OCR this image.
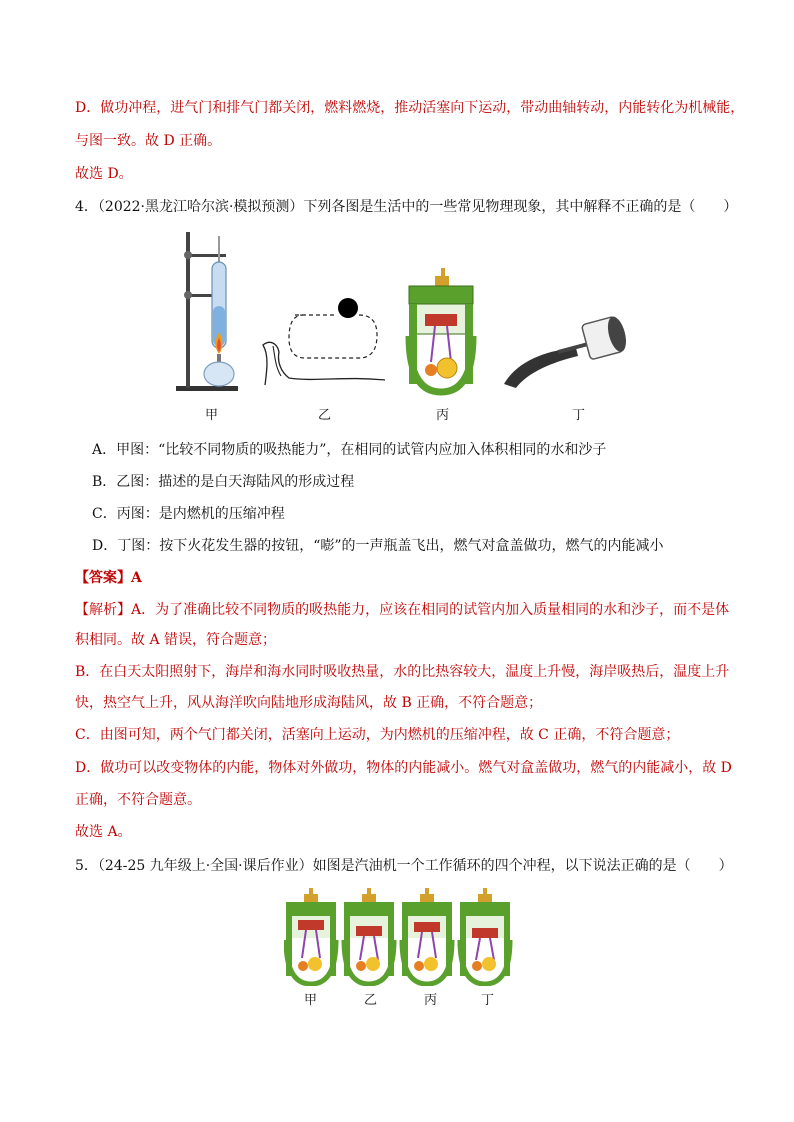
D．做功冲程，进气门和排气门都关闭，燃料燃烧，推动活塞向下运动，带动曲轴转动，内能转化为机械能，
与图一致。故 D 正确。
故选 D。
4．（2022·黑龙江哈尔滨·模拟预测）下列各图是生活中的一些常见物理现象，其中解释不正确的是（　　）
甲	乙	丙	丁
A．甲图：“比较不同物质的吸热能力”，在相同的试管内应加入体积相同的水和沙子
B．乙图：描述的是白天海陆风的形成过程
C．丙图：是内燃机的压缩冲程
D．丁图：按下火花发生器的按钮，“嘭”的一声瓶盖飞出，燃气对盒盖做功，燃气的内能减小
【答案】A
【解析】A．为了准确比较不同物质的吸热能力，应该在相同的试管内加入质量相同的水和沙子，而不是体
积相同。故 A 错误，符合题意；
B．在白天太阳照射下，海岸和海水同时吸收热量，水的比热容较大，温度上升慢，海岸吸热后，温度上升
快，热空气上升，风从海洋吹向陆地形成海陆风，故 B 正确，不符合题意；
C．由图可知，两个气门都关闭，活塞向上运动，为内燃机的压缩冲程，故 C 正确，不符合题意；
D．做功可以改变物体的内能，物体对外做功，物体的内能减小。燃气对盒盖做功，燃气的内能减小，故 D
正确，不符合题意。
故选 A。
5．（24-25 九年级上·全国·课后作业）如图是汽油机一个工作循环的四个冲程，以下说法正确的是（　　）
甲	乙	丙	丁
